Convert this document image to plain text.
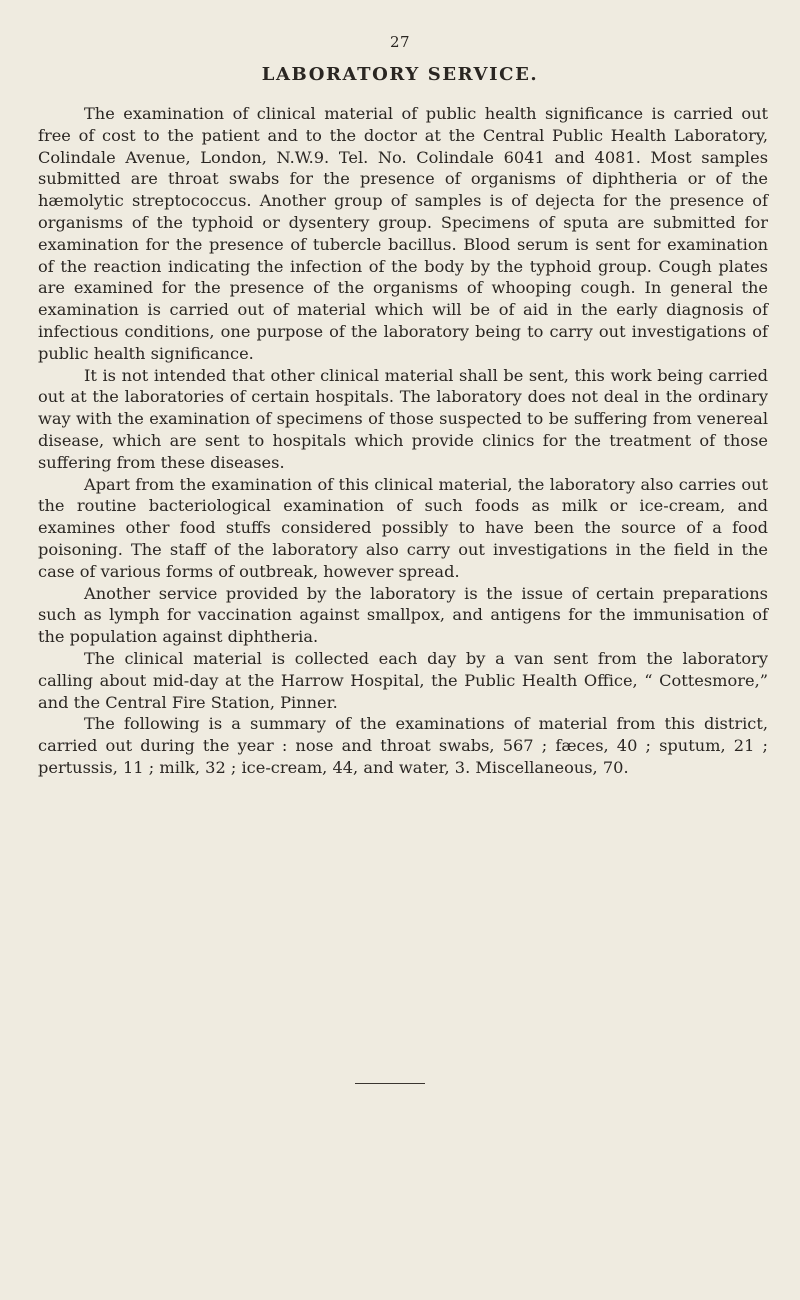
27
LABORATORY SERVICE.

The examination of clinical material of public health significance is carried out free of cost to the patient and to the doctor at the Central Public Health Laboratory, Colindale Avenue, London, N.W.9. Tel. No. Colindale 6041 and 4081. Most samples submitted are throat swabs for the presence of organisms of diphtheria or of the hæmolytic streptococcus. Another group of samples is of dejecta for the presence of organisms of the typhoid or dysentery group. Specimens of sputa are submitted for examination for the presence of tubercle bacillus. Blood serum is sent for examination of the reaction indicating the infection of the body by the typhoid group. Cough plates are examined for the presence of the organisms of whooping cough. In general the examination is carried out of material which will be of aid in the early diagnosis of infectious conditions, one purpose of the laboratory being to carry out investigations of public health significance.

It is not intended that other clinical material shall be sent, this work being carried out at the laboratories of certain hospitals. The laboratory does not deal in the ordinary way with the examination of specimens of those suspected to be suffering from venereal disease, which are sent to hospitals which provide clinics for the treatment of those suffering from these diseases.

Apart from the examination of this clinical material, the laboratory also carries out the routine bacteriological examination of such foods as milk or ice-cream, and examines other food stuffs considered possibly to have been the source of a food poisoning. The staff of the laboratory also carry out investigations in the field in the case of various forms of outbreak, however spread.

Another service provided by the laboratory is the issue of certain preparations such as lymph for vaccination against smallpox, and antigens for the immunisation of the population against diphtheria.

The clinical material is collected each day by a van sent from the laboratory calling about mid-day at the Harrow Hospital, the Public Health Office, “ Cottesmore,” and the Central Fire Station, Pinner.

The following is a summary of the examinations of material from this district, carried out during the year : nose and throat swabs, 567 ; fæces, 40 ; sputum, 21 ; pertussis, 11 ; milk, 32 ; ice-cream, 44, and water, 3. Miscellaneous, 70.
